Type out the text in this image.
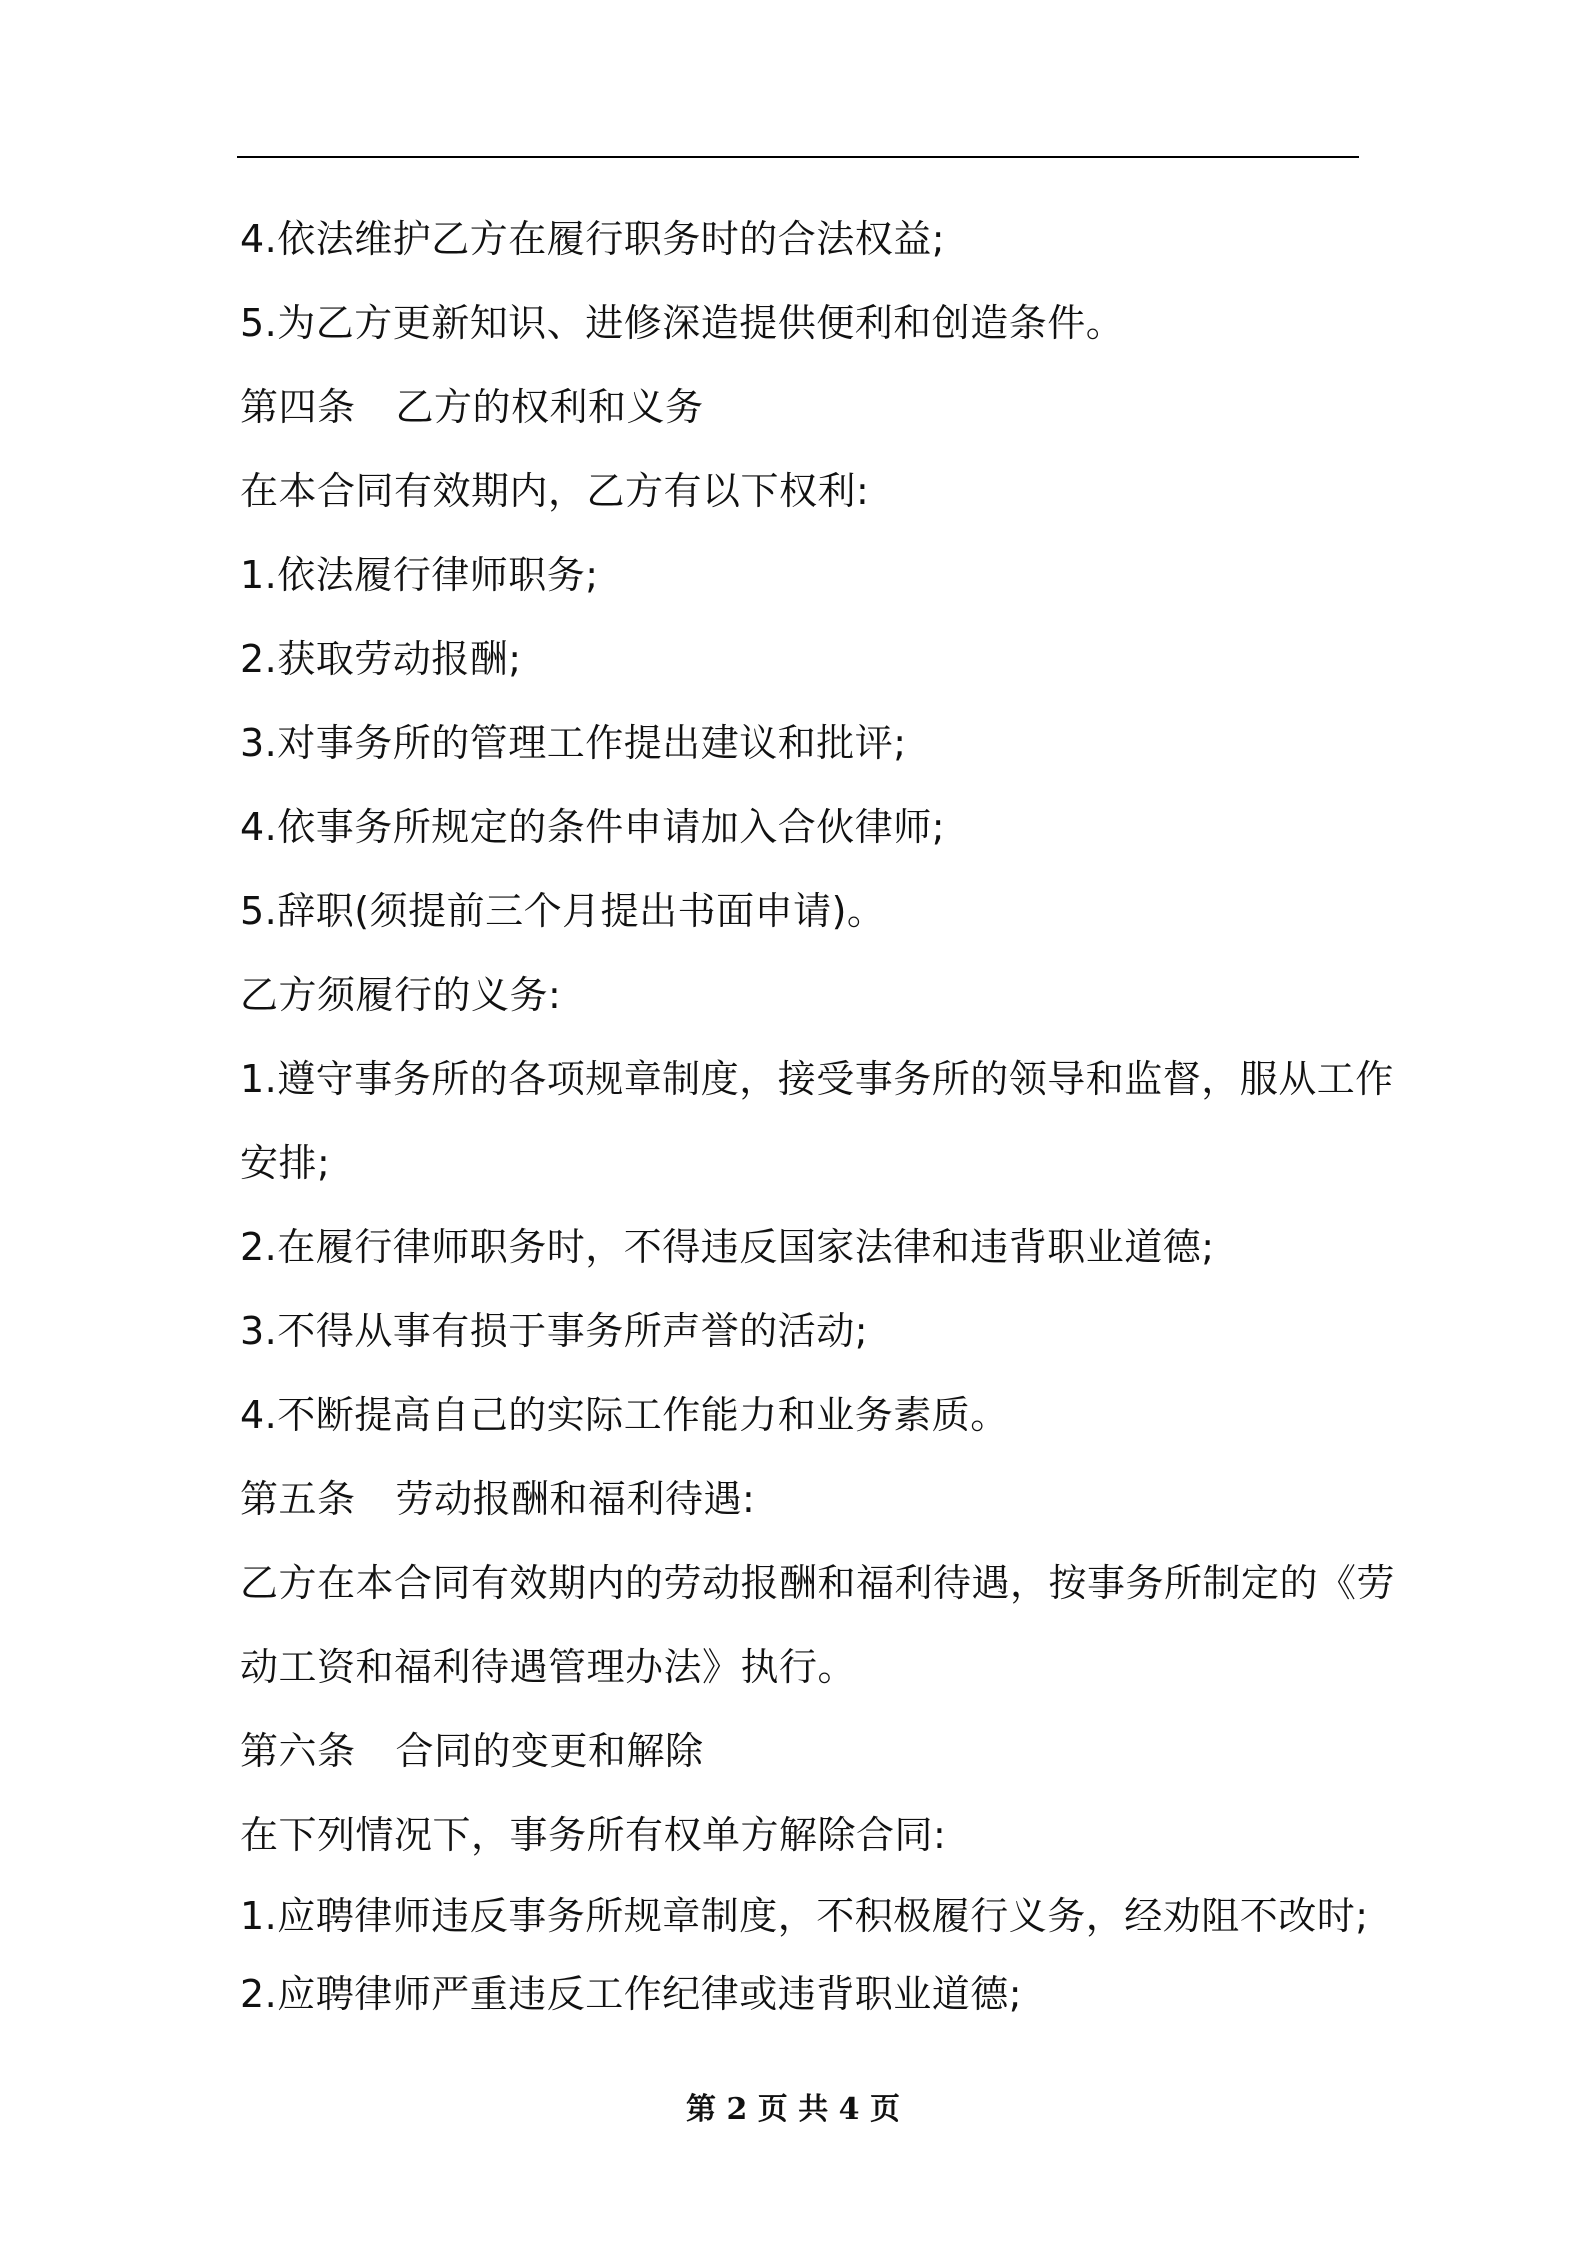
4.依法维护乙方在履行职务时的合法权益;
5.为乙方更新知识、进修深造提供便利和创造条件。
第四条 乙方的权利和义务
在本合同有效期内，乙方有以下权利:
1.依法履行律师职务;
2.获取劳动报酬;
3.对事务所的管理工作提出建议和批评;
4.依事务所规定的条件申请加入合伙律师;
5.辞职(须提前三个月提出书面申请)。
乙方须履行的义务:
1.遵守事务所的各项规章制度，接受事务所的领导和监督，服从工作
安排;
2.在履行律师职务时，不得违反国家法律和违背职业道德;
3.不得从事有损于事务所声誉的活动;
4.不断提高自己的实际工作能力和业务素质。
第五条 劳动报酬和福利待遇:
乙方在本合同有效期内的劳动报酬和福利待遇，按事务所制定的《劳
动工资和福利待遇管理办法》执行。
第六条 合同的变更和解除
在下列情况下，事务所有权单方解除合同:
1.应聘律师违反事务所规章制度，不积极履行义务，经劝阻不改时;
2.应聘律师严重违反工作纪律或违背职业道德;
第 2 页 共 4 页
